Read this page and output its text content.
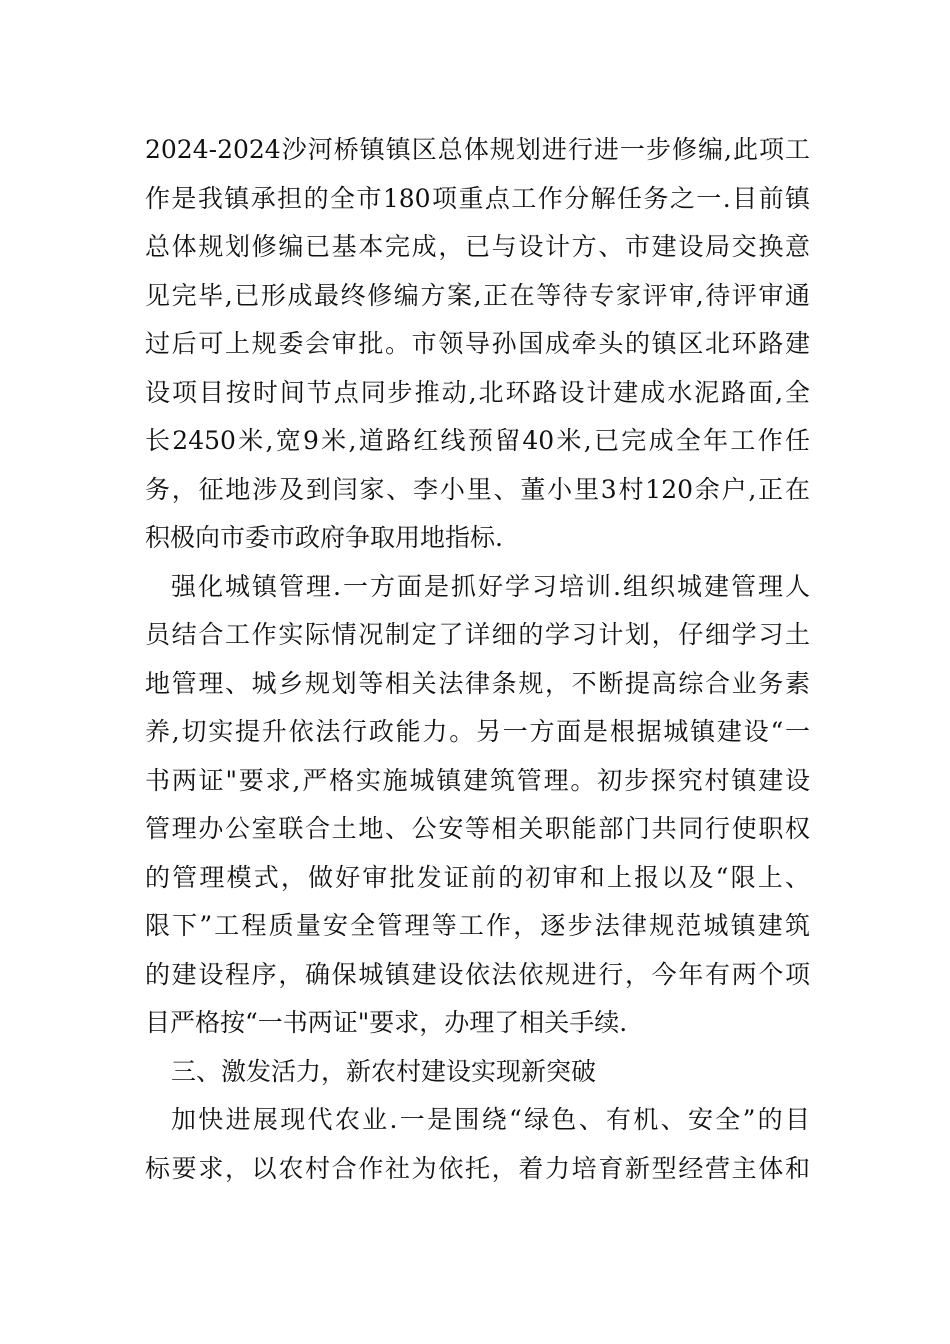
2024-2024沙河桥镇镇区总体规划进行进一步修编,此项工
作是我镇承担的全市180项重点工作分解任务之一.目前镇
总体规划修编已基本完成，已与设计方、市建设局交换意
见完毕,已形成最终修编方案,正在等待专家评审,待评审通
过后可上规委会审批。市领导孙国成牵头的镇区北环路建
设项目按时间节点同步推动,北环路设计建成水泥路面,全
长2450米,宽9米,道路红线预留40米,已完成全年工作任
务，征地涉及到闫家、李小里、董小里3村120余户,正在
积极向市委市政府争取用地指标.
强化城镇管理.一方面是抓好学习培训.组织城建管理人
员结合工作实际情况制定了详细的学习计划，仔细学习土
地管理、城乡规划等相关法律条规，不断提高综合业务素
养,切实提升依法行政能力。另一方面是根据城镇建设“一
书两证"要求,严格实施城镇建筑管理。初步探究村镇建设
管理办公室联合土地、公安等相关职能部门共同行使职权
的管理模式，做好审批发证前的初审和上报以及“限上、
限下”工程质量安全管理等工作，逐步法律规范城镇建筑
的建设程序，确保城镇建设依法依规进行，今年有两个项
目严格按“一书两证"要求，办理了相关手续.
三、激发活力，新农村建设实现新突破
加快进展现代农业.一是围绕“绿色、有机、安全”的目
标要求，以农村合作社为依托，着力培育新型经营主体和
